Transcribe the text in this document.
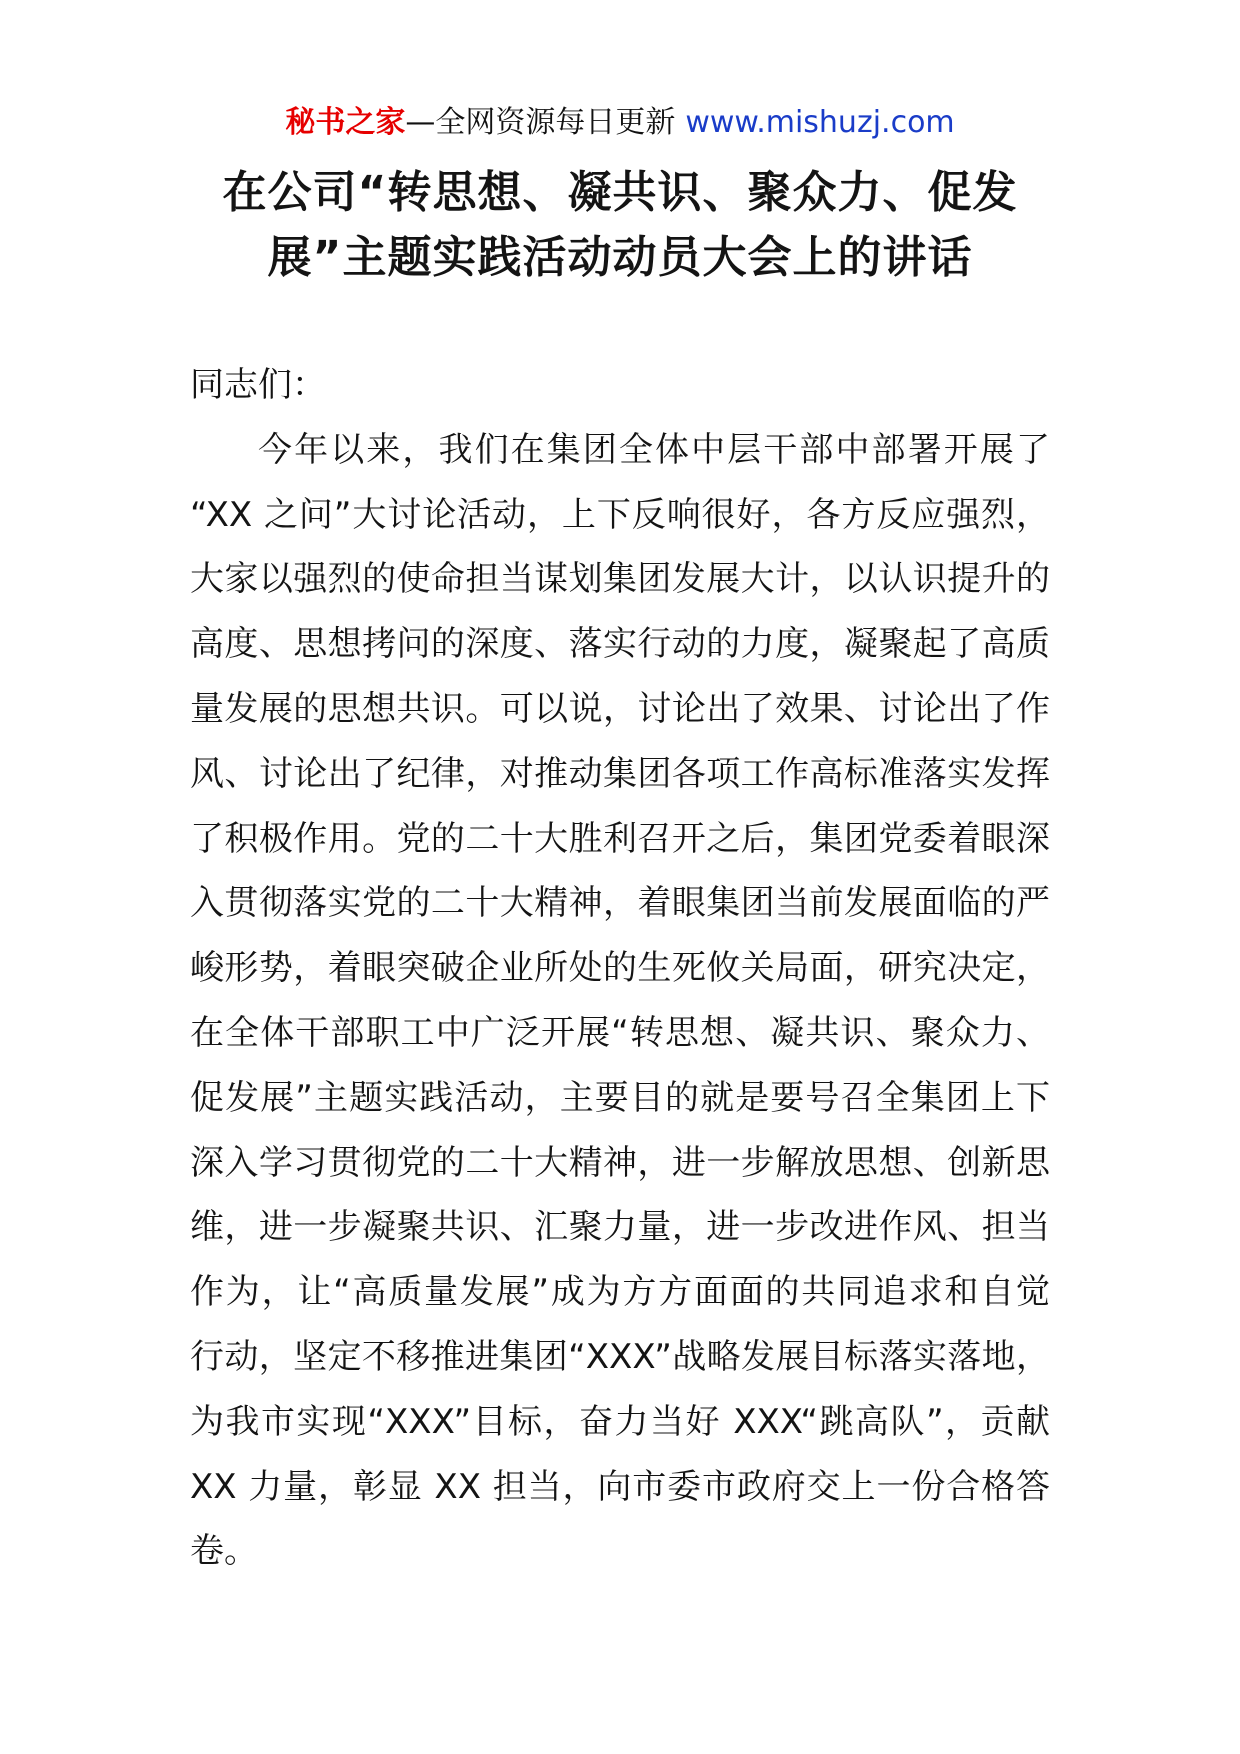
秘书之家—全网资源每日更新 www.mishuzj.com
在公司“转思想、凝共识、聚众力、促发
展”主题实践活动动员大会上的讲话
同志们：
今年以来，我们在集团全体中层干部中部署开展了
“XX 之问”大讨论活动，上下反响很好，各方反应强烈，
大家以强烈的使命担当谋划集团发展大计，以认识提升的
高度、思想拷问的深度、落实行动的力度，凝聚起了高质
量发展的思想共识。可以说，讨论出了效果、讨论出了作
风、讨论出了纪律，对推动集团各项工作高标准落实发挥
了积极作用。党的二十大胜利召开之后，集团党委着眼深
入贯彻落实党的二十大精神，着眼集团当前发展面临的严
峻形势，着眼突破企业所处的生死攸关局面，研究决定，
在全体干部职工中广泛开展“转思想、凝共识、聚众力、
促发展”主题实践活动，主要目的就是要号召全集团上下
深入学习贯彻党的二十大精神，进一步解放思想、创新思
维，进一步凝聚共识、汇聚力量，进一步改进作风、担当
作为，让“高质量发展”成为方方面面的共同追求和自觉
行动，坚定不移推进集团“XXX”战略发展目标落实落地，
为我市实现“XXX”目标，奋力当好 XXX“跳高队”，贡献
XX 力量，彰显 XX 担当，向市委市政府交上一份合格答
卷。
